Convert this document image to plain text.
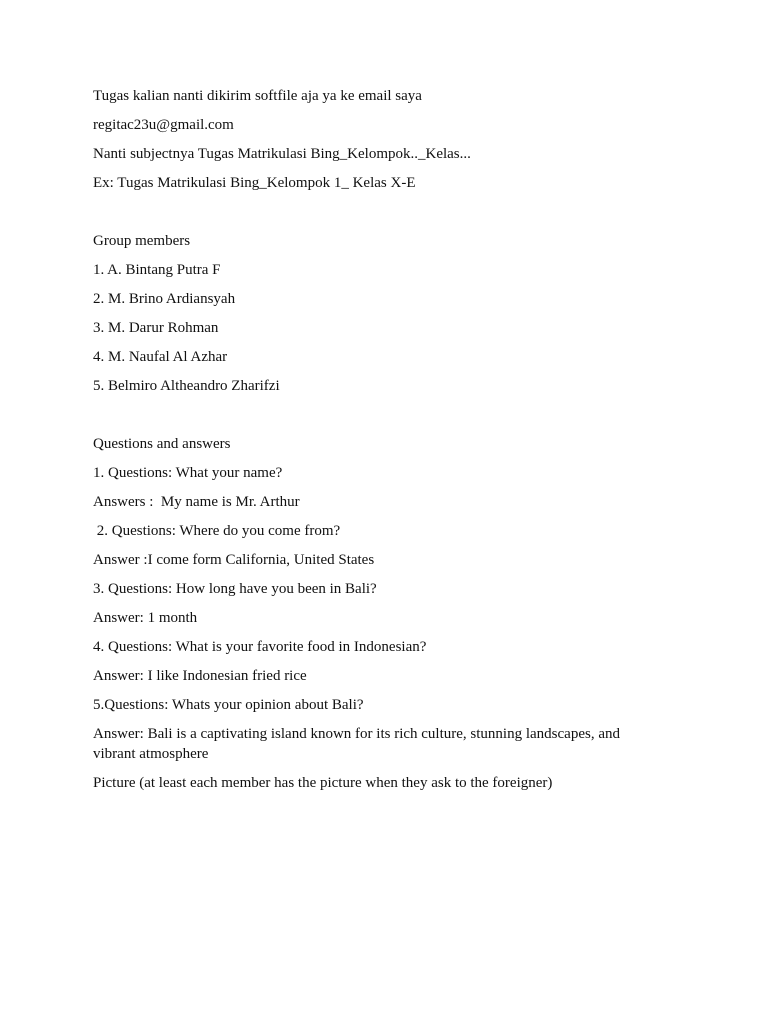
Tugas kalian nanti dikirim softfile aja ya ke email saya

regitac23u@gmail.com

Nanti subjectnya Tugas Matrikulasi Bing_Kelompok.._Kelas...

Ex: Tugas Matrikulasi Bing_Kelompok 1_ Kelas X-E

Group members

1. A. Bintang Putra F

2. M. Brino Ardiansyah

3. M. Darur Rohman

4. M. Naufal Al Azhar

5. Belmiro Altheandro Zharifzi

Questions and answers

1. Questions: What your name?

Answers :  My name is Mr. Arthur

2. Questions: Where do you come from?

Answer :I come form California, United States

3. Questions: How long have you been in Bali?

Answer: 1 month

4. Questions: What is your favorite food in Indonesian?

Answer: I like Indonesian fried rice

5.Questions: Whats your opinion about Bali?

Answer: Bali is a captivating island known for its rich culture, stunning landscapes, and vibrant atmosphere

Picture (at least each member has the picture when they ask to the foreigner)
